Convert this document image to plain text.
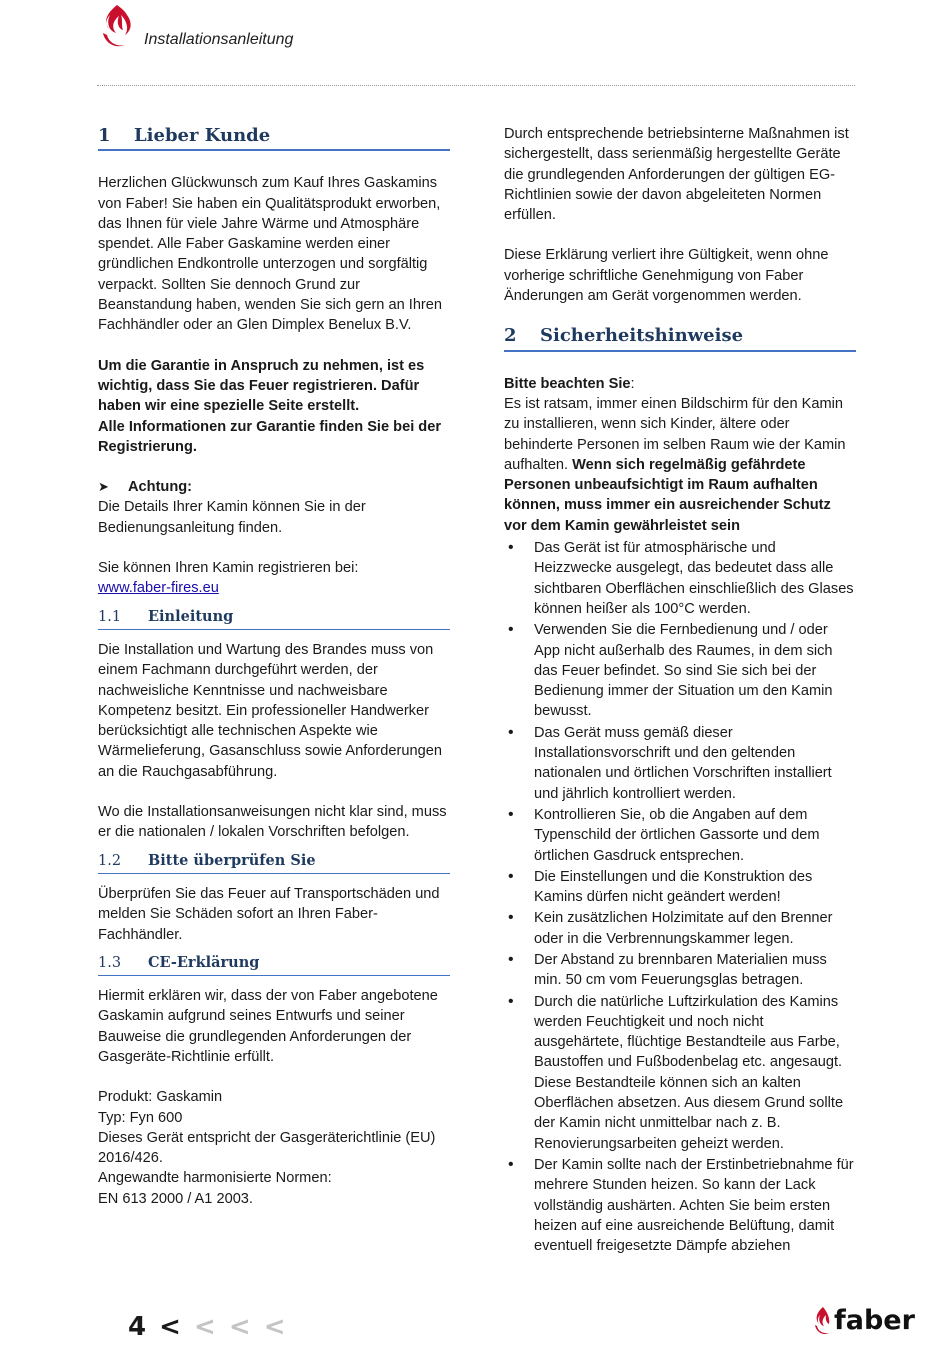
Installationsanleitung
1	Lieber Kunde

Herzlichen Glückwunsch zum Kauf Ihres Gaskamins von Faber! Sie haben ein Qualitätsprodukt erworben, das Ihnen für viele Jahre Wärme und Atmosphäre spendet. Alle Faber Gaskamine werden einer gründlichen Endkontrolle unterzogen und sorgfältig verpackt. Sollten Sie dennoch Grund zur Beanstandung haben, wenden Sie sich gern an Ihren Fachhändler oder an Glen Dimplex Benelux B.V.

Um die Garantie in Anspruch zu nehmen, ist es wichtig, dass Sie das Feuer registrieren. Dafür haben wir eine spezielle Seite erstellt.

Alle Informationen zur Garantie finden Sie bei der Registrierung.

➤	Achtung:

Die Details Ihrer Kamin können Sie in der Bedienungsanleitung finden.

Sie können Ihren Kamin registrieren bei:

www.faber-fires.eu
1.1	Einleitung

Die Installation und Wartung des Brandes muss von einem Fachmann durchgeführt werden, der nachweisliche Kenntnisse und nachweisbare Kompetenz besitzt. Ein professioneller Handwerker berücksichtigt alle technischen Aspekte wie Wärmelieferung, Gasanschluss sowie Anforderungen an die Rauchgasabführung.

Wo die Installationsanweisungen nicht klar sind, muss er die nationalen / lokalen Vorschriften befolgen.

1.2	Bitte überprüfen Sie

Überprüfen Sie das Feuer auf Transportschäden und melden Sie Schäden sofort an Ihren Faber-Fachhändler.

1.3	CE-Erklärung

Hiermit erklären wir, dass der von Faber angebotene Gaskamin aufgrund seines Entwurfs und seiner Bauweise die grundlegenden Anforderungen der Gasgeräte-Richtlinie erfüllt.

Produkt: Gaskamin

Typ: Fyn 600

Dieses Gerät entspricht der Gasgeräterichtlinie (EU) 2016/426.

Angewandte harmonisierte Normen:

EN 613 2000 / A1 2003.

Durch entsprechende betriebsinterne Maßnahmen ist sichergestellt, dass serienmäßig hergestellte Geräte die grundlegenden Anforderungen der gültigen EG-Richtlinien sowie der davon abgeleiteten Normen erfüllen.

Diese Erklärung verliert ihre Gültigkeit, wenn ohne vorherige schriftliche Genehmigung von Faber Änderungen am Gerät vorgenommen werden.

2	Sicherheitshinweise

Bitte beachten Sie:

Es ist ratsam, immer einen Bildschirm für den Kamin zu installieren, wenn sich Kinder, ältere oder behinderte Personen im selben Raum wie der Kamin aufhalten. Wenn sich regelmäßig gefährdete Personen unbeaufsichtigt im Raum aufhalten können, muss immer ein ausreichender Schutz vor dem Kamin gewährleistet sein

• Das Gerät ist für atmosphärische und Heizzwecke ausgelegt, das bedeutet dass alle sichtbaren Oberflächen einschließlich des Glases können heißer als 100°C werden.
• Verwenden Sie die Fernbedienung und / oder App nicht außerhalb des Raumes, in dem sich das Feuer befindet. So sind Sie sich bei der Bedienung immer der Situation um den Kamin bewusst.
• Das Gerät muss gemäß dieser Installationsvorschrift und den geltenden nationalen und örtlichen Vorschriften installiert und jährlich kontrolliert werden.
• Kontrollieren Sie, ob die Angaben auf dem Typenschild der örtlichen Gassorte und dem örtlichen Gasdruck entsprechen.
• Die Einstellungen und die Konstruktion des Kamins dürfen nicht geändert werden!
• Kein zusätzlichen Holzimitate auf den Brenner oder in die Verbrennungskammer legen.
• Der Abstand zu brennbaren Materialien muss min. 50 cm vom Feuerungsglas betragen.
• Durch die natürliche Luftzirkulation des Kamins werden Feuchtigkeit und noch nicht ausgehärtete, flüchtige Bestandteile aus Farbe, Baustoffen und Fußbodenbelag etc. angesaugt. Diese Bestandteile können sich an kalten Oberflächen absetzen. Aus diesem Grund sollte der Kamin nicht unmittelbar nach z. B. Renovierungsarbeiten geheizt werden.
• Der Kamin sollte nach der Erstinbetriebnahme für mehrere Stunden heizen. So kann der Lack vollständig aushärten. Achten Sie beim ersten heizen auf eine ausreichende Belüftung, damit eventuell freigesetzte Dämpfe abziehen
4 < < < <	faber
